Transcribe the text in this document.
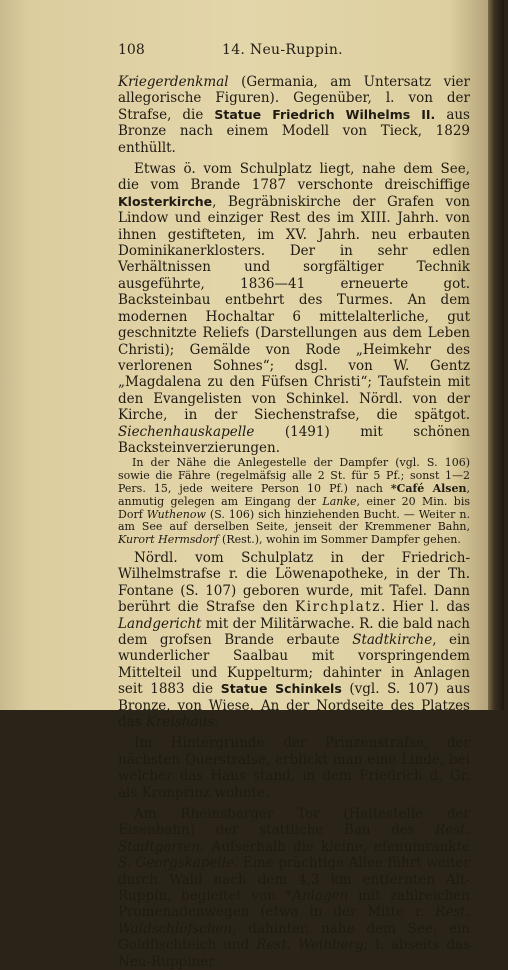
108	14. Neu-Ruppin.

Kriegerdenkmal (Germania, am Untersatz vier allegorische Figuren). Gegenüber, l. von der Strafse, die Statue Friedrich Wilhelms II. aus Bronze nach einem Modell von Tieck, 1829 enthüllt.

Etwas ö. vom Schulplatz liegt, nahe dem See, die vom Brande 1787 verschonte dreischiffige Klosterkirche, Begräbniskirche der Grafen von Lindow und einziger Rest des im XIII. Jahrh. von ihnen gestifteten, im XV. Jahrh. neu erbauten Dominikanerklosters. Der in sehr edlen Verhältnissen und sorgfältiger Technik ausgeführte, 1836—41 erneuerte got. Backsteinbau entbehrt des Turmes. An dem modernen Hochaltar 6 mittelalterliche, gut geschnitzte Reliefs (Darstellungen aus dem Leben Christi); Gemälde von Rode „Heimkehr des verlorenen Sohnes“; dsgl. von W. Gentz „Magdalena zu den Füfsen Christi“; Taufstein mit den Evangelisten von Schinkel. Nördl. von der Kirche, in der Siechenstrafse, die spätgot. Siechenhauskapelle (1491) mit schönen Backsteinverzierungen.

In der Nähe die Anlegestelle der Dampfer (vgl. S. 106) sowie die Fähre (regelmäfsig alle 2 St. für 5 Pf.; sonst 1—2 Pers. 15, jede weitere Person 10 Pf.) nach *Café Alsen, anmutig gelegen am Eingang der Lanke, einer 20 Min. bis Dorf Wuthenow (S. 106) sich hinziehenden Bucht. — Weiter n. am See auf derselben Seite, jenseit der Kremmener Bahn, Kurort Hermsdorf (Rest.), wohin im Sommer Dampfer gehen.

Nördl. vom Schulplatz in der Friedrich-Wilhelmstrafse r. die Löwenapotheke, in der Th. Fontane (S. 107) geboren wurde, mit Tafel. Dann berührt die Strafse den Kirchplatz. Hier l. das Landgericht mit der Militärwache. R. die bald nach dem grofsen Brande erbaute Stadtkirche, ein wunderlicher Saalbau mit vorspringendem Mittelteil und Kuppelturm; dahinter in Anlagen seit 1883 die Statue Schinkels (vgl. S. 107) aus Bronze, von Wiese. An der Nordseite des Platzes das Kreishaus.

Im Hintergrunde der Prinzenstrafse, der nächsten Querstrafse, erblickt man eine Linde, bei welcher das Haus stand, in dem Friedrich d. Gr. als Kronprinz wohnte.

Am Rheinsberger Tor (Haltestelle der Eisenbahn) der stattliche Bau des Rest. Stadtgarten. Aufserhalb die kleine, efeuumrankte S. Georgskapelle. Eine prächtige Allee führt weiter durch Wald nach dem 4,3 km entfernten Alt-Ruppin, begleitet von *Anlagen mit zahlreichen Promenadenwegen (etwa in der Mitte r. Rest. Waldschlöfschen, dahinter, nahe dem See, ein Goldfischteich und Rest. Weinberg; l. abseits das Neu-Ruppiner
